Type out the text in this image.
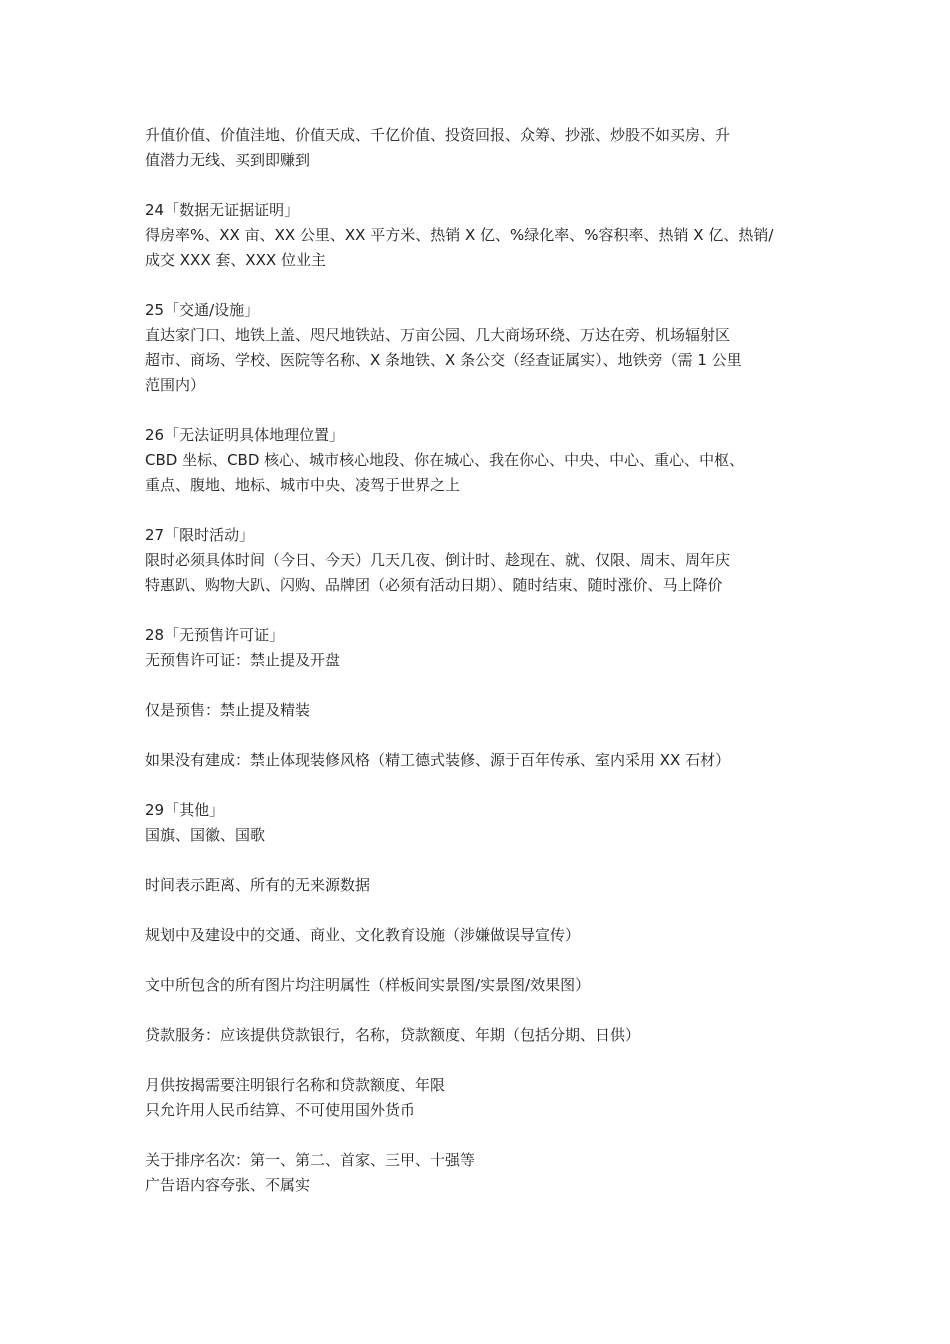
升值价值、价值洼地、价值天成、千亿价值、投资回报、众筹、抄涨、炒股不如买房、升

值潜力无线、买到即赚到

24「数据无证据证明」

得房率%、XX 亩、XX 公里、XX 平方米、热销 X 亿、%绿化率、%容积率、热销 X 亿、热销/

成交 XXX 套、XXX 位业主

25「交通/设施」

直达家门口、地铁上盖、咫尺地铁站、万亩公园、几大商场环绕、万达在旁、机场辐射区

超市、商场、学校、医院等名称、X 条地铁、X 条公交（经查证属实）、地铁旁（需 1 公里

范围内）

26「无法证明具体地理位置」

CBD 坐标、CBD 核心、城市核心地段、你在城心、我在你心、中央、中心、重心、中枢、

重点、腹地、地标、城市中央、凌驾于世界之上

27「限时活动」

限时必须具体时间（今日、今天）几天几夜、倒计时、趁现在、就、仅限、周末、周年庆

特惠趴、购物大趴、闪购、品牌团（必须有活动日期）、随时结束、随时涨价、马上降价

28「无预售许可证」

无预售许可证：禁止提及开盘

仅是预售：禁止提及精装

如果没有建成：禁止体现装修风格（精工德式装修、源于百年传承、室内采用 XX 石材）

29「其他」

国旗、国徽、国歌

时间表示距离、所有的无来源数据

规划中及建设中的交通、商业、文化教育设施（涉嫌做误导宣传）

文中所包含的所有图片均注明属性（样板间实景图/实景图/效果图）

贷款服务：应该提供贷款银行，名称，贷款额度、年期（包括分期、日供）

月供按揭需要注明银行名称和贷款额度、年限

只允许用人民币结算、不可使用国外货币

关于排序名次：第一、第二、首家、三甲、十强等

广告语内容夸张、不属实
